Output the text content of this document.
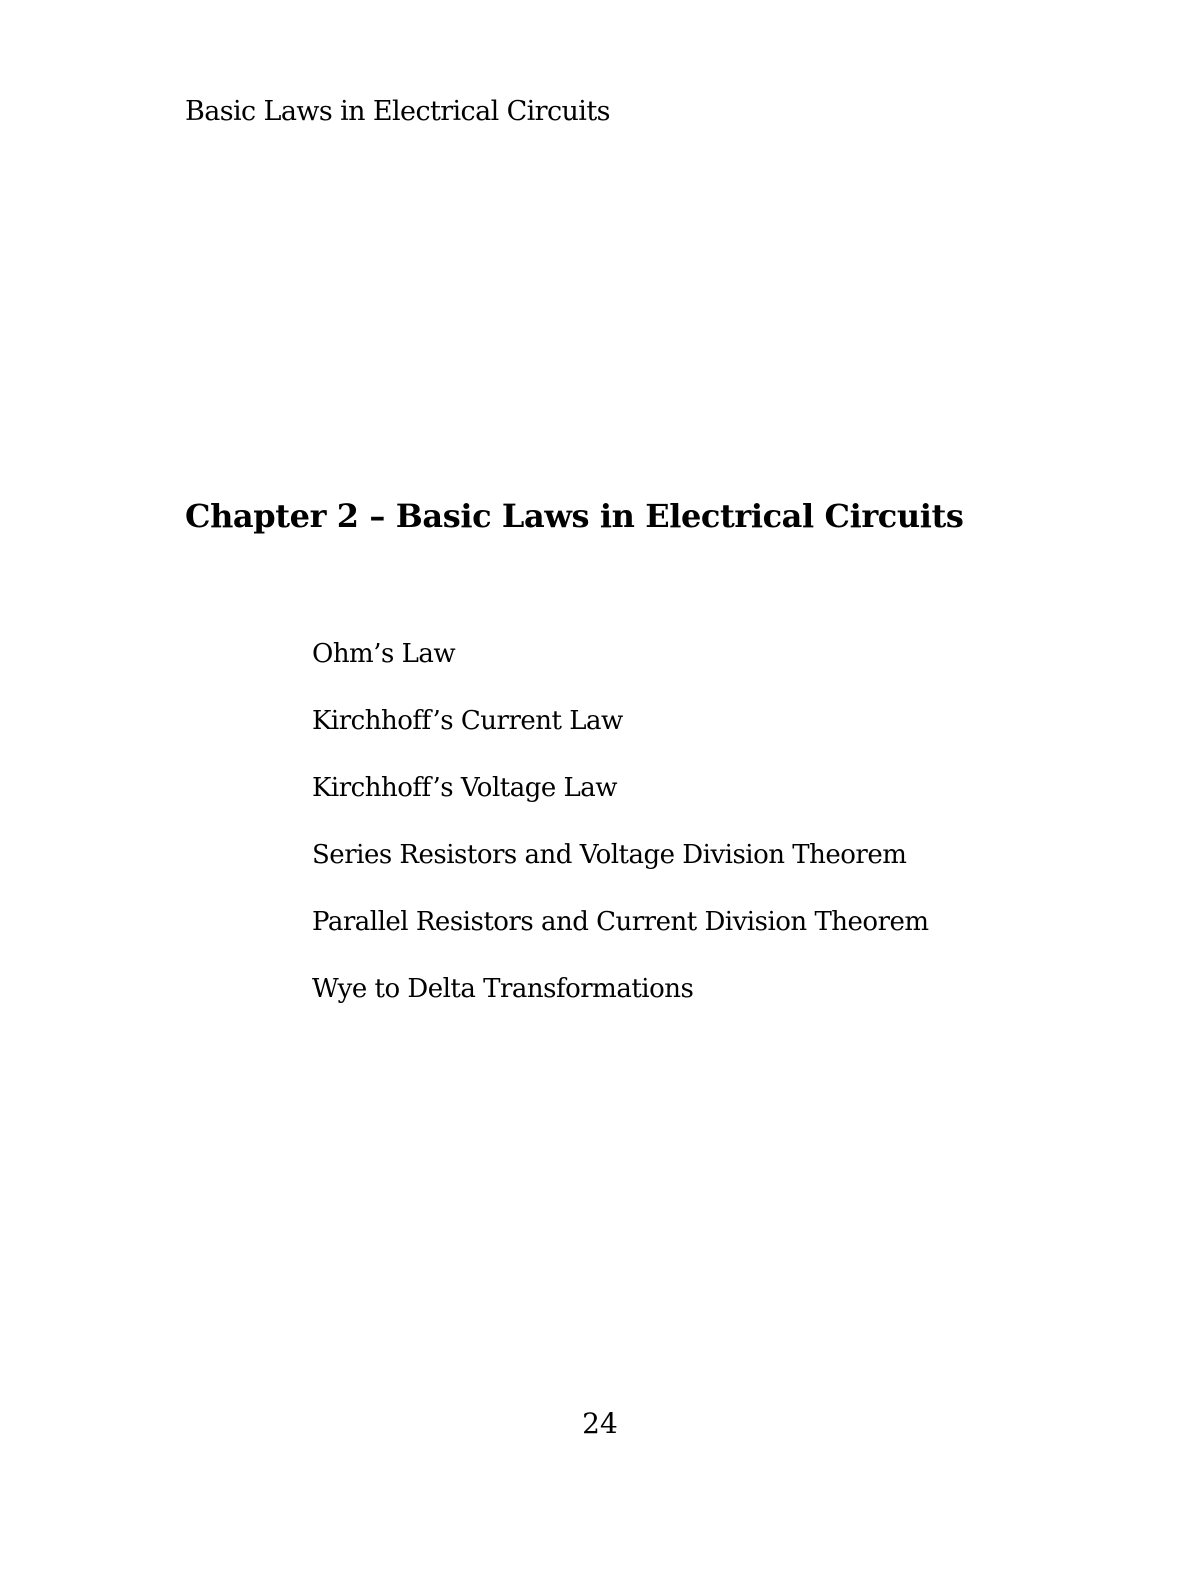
Basic Laws in Electrical Circuits
Chapter 2 – Basic Laws in Electrical Circuits
Ohm’s Law
Kirchhoff’s Current Law
Kirchhoff’s Voltage Law
Series Resistors and Voltage Division Theorem
Parallel Resistors and Current Division Theorem
Wye to Delta Transformations
24
